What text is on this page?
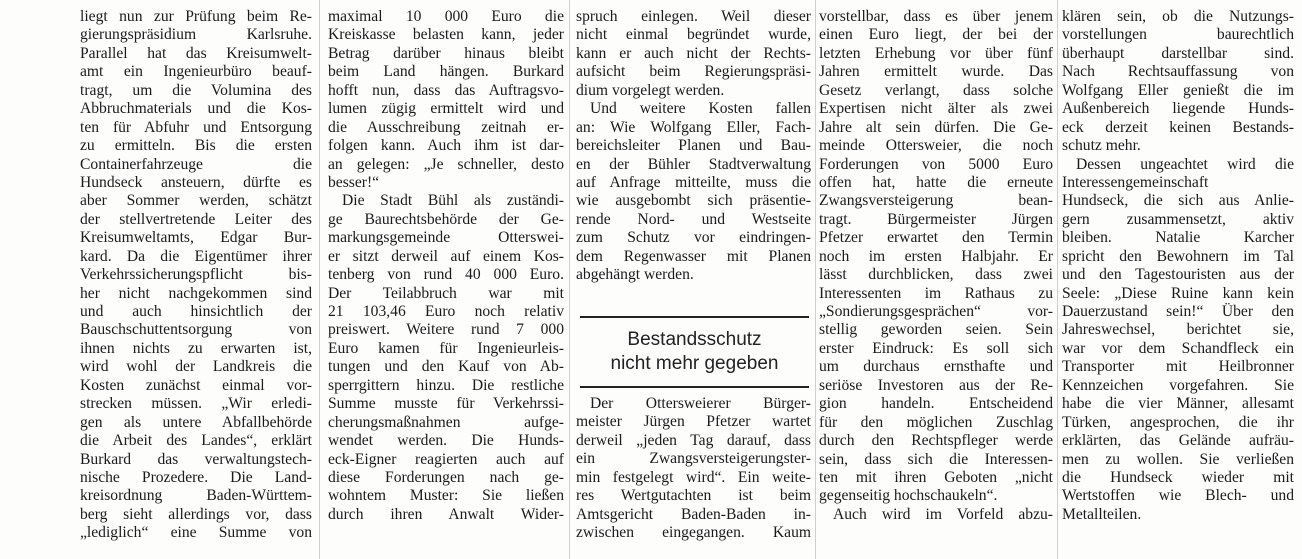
liegt nun zur Prüfung beim Re-
gierungspräsidium Karlsruhe.
Parallel hat das Kreisumwelt-
amt ein Ingenieurbüro beauf-
tragt, um die Volumina des
Abbruchmaterials und die Kos-
ten für Abfuhr und Entsorgung
zu ermitteln. Bis die ersten
Containerfahrzeuge die
Hundseck ansteuern, dürfte es
aber Sommer werden, schätzt
der stellvertretende Leiter des
Kreisumweltamts, Edgar Bur-
kard. Da die Eigentümer ihrer
Verkehrssicherungspflicht bis-
her nicht nachgekommen sind
und auch hinsichtlich der
Bauschschuttentsorgung von
ihnen nichts zu erwarten ist,
wird wohl der Landkreis die
Kosten zunächst einmal vor-
strecken müssen. „Wir erledi-
gen als untere Abfallbehörde
die Arbeit des Landes“, erklärt
Burkard das verwaltungstech-
nische Prozedere. Die Land-
kreisordnung Baden-Württem-
berg sieht allerdings vor, dass
„lediglich“ eine Summe von
maximal 10 000 Euro die
Kreiskasse belasten kann, jeder
Betrag darüber hinaus bleibt
beim Land hängen. Burkard
hofft nun, dass das Auftragsvo-
lumen zügig ermittelt wird und
die Ausschreibung zeitnah er-
folgen kann. Auch ihm ist dar-
an gelegen: „Je schneller, desto
besser!“
Die Stadt Bühl als zuständi-
ge Baurechtsbehörde der Ge-
markungsgemeinde Otterswei-
er sitzt derweil auf einem Kos-
tenberg von rund 40 000 Euro.
Der Teilabbruch war mit
21 103,46 Euro noch relativ
preiswert. Weitere rund 7 000
Euro kamen für Ingenieurleis-
tungen und den Kauf von Ab-
sperrgittern hinzu. Die restliche
Summe musste für Verkehrssi-
cherungsmaßnahmen aufge-
wendet werden. Die Hunds-
eck-Eigner reagierten auch auf
diese Forderungen nach ge-
wohntem Muster: Sie ließen
durch ihren Anwalt Wider-
spruch einlegen. Weil dieser
nicht einmal begründet wurde,
kann er auch nicht der Rechts-
aufsicht beim Regierungspräsi-
dium vorgelegt werden.
Und weitere Kosten fallen
an: Wie Wolfgang Eller, Fach-
bereichsleiter Planen und Bau-
en der Bühler Stadtverwaltung
auf Anfrage mitteilte, muss die
wie ausgebombt sich präsentie-
rende Nord- und Westseite
zum Schutz vor eindringen-
dem Regenwasser mit Planen
abgehängt werden.
Bestandsschutz
nicht mehr gegeben
Der Ottersweierer Bürger-
meister Jürgen Pfetzer wartet
derweil „jeden Tag darauf, dass
ein Zwangsversteigerungster-
min festgelegt wird“. Ein weite-
res Wertgutachten ist beim
Amtsgericht Baden-Baden in-
zwischen eingegangen. Kaum
vorstellbar, dass es über jenem
einen Euro liegt, der bei der
letzten Erhebung vor über fünf
Jahren ermittelt wurde. Das
Gesetz verlangt, dass solche
Expertisen nicht älter als zwei
Jahre alt sein dürfen. Die Ge-
meinde Ottersweier, die noch
Forderungen von 5000 Euro
offen hat, hatte die erneute
Zwangsversteigerung bean-
tragt. Bürgermeister Jürgen
Pfetzer erwartet den Termin
noch im ersten Halbjahr. Er
lässt durchblicken, dass zwei
Interessenten im Rathaus zu
„Sondierungsgesprächen“ vor-
stellig geworden seien. Sein
erster Eindruck: Es soll sich
um durchaus ernsthafte und
seriöse Investoren aus der Re-
gion handeln. Entscheidend
für den möglichen Zuschlag
durch den Rechtspfleger werde
sein, dass sich die Interessen-
ten mit ihren Geboten „nicht
gegenseitig hochschaukeln“.
Auch wird im Vorfeld abzu-
klären sein, ob die Nutzungs-
vorstellungen baurechtlich
überhaupt darstellbar sind.
Nach Rechtsauffassung von
Wolfgang Eller genießt die im
Außenbereich liegende Hunds-
eck derzeit keinen Bestands-
schutz mehr.
Dessen ungeachtet wird die
Interessengemeinschaft
Hundseck, die sich aus Anlie-
gern zusammensetzt, aktiv
bleiben. Natalie Karcher
spricht den Bewohnern im Tal
und den Tagestouristen aus der
Seele: „Diese Ruine kann kein
Dauerzustand sein!“ Über den
Jahreswechsel, berichtet sie,
war vor dem Schandfleck ein
Transporter mit Heilbronner
Kennzeichen vorgefahren. Sie
habe die vier Männer, allesamt
Türken, angesprochen, die ihr
erklärten, das Gelände aufräu-
men zu wollen. Sie verließen
die Hundseck wieder mit
Wertstoffen wie Blech- und
Metallteilen.
